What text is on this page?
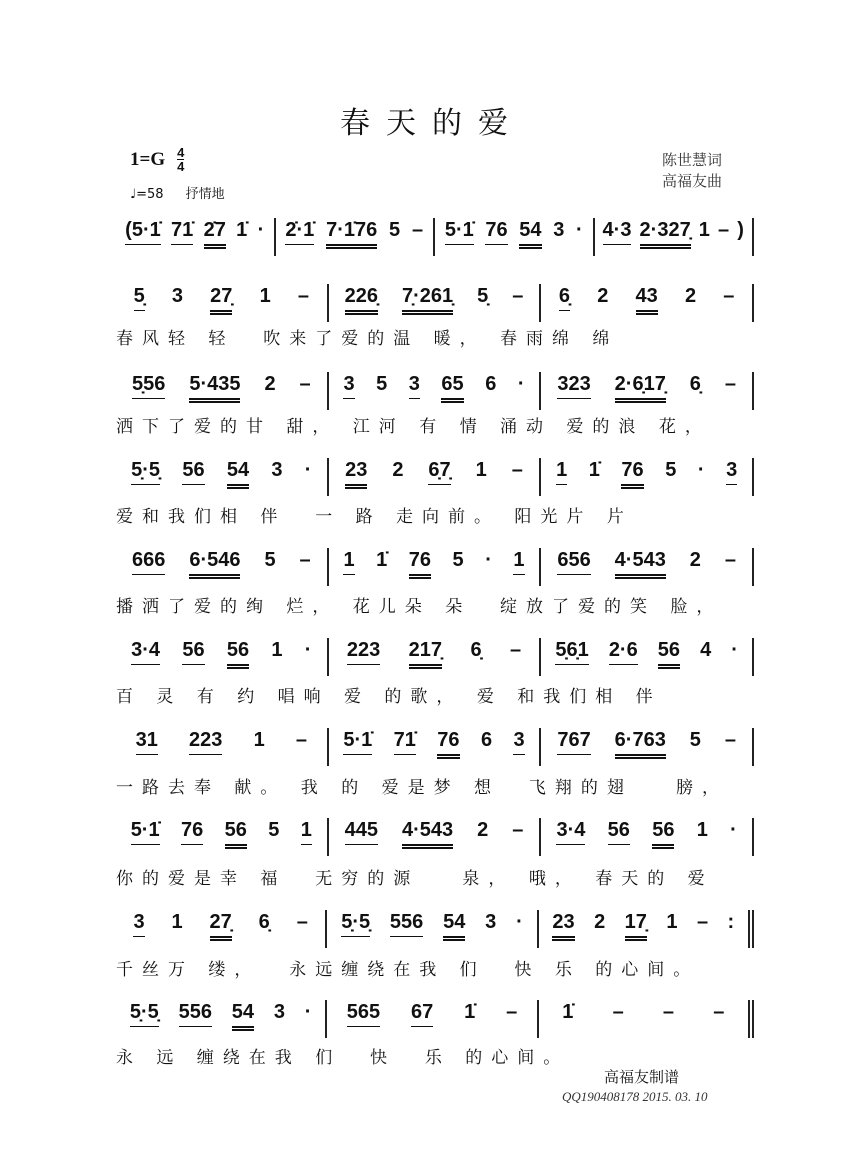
春天的爱
$1=G \frac{4}{4}$
♩=58 抒情地
陈世慧词
高福友曲
(5·1̇ 71̇ 2̇7 1̇ · 2̇·1̇ 7·1̇76 5 – 5·1̇ 76 54 3 · 4·3 2·327̣ 1 – )
5̣ 3 27̣ 1 – 226̣ 7̣·261̣ 5̣ – 6̣ 2 43 2 –
春风轻 轻  吹来了爱的温 暖， 春雨绵 绵
5̣56 5·435 2 – 3 5 3 65 6 · 323 2·6̣17̣ 6̣ –
洒下了爱的甘 甜， 江河 有 情 涌动 爱的浪 花，
5̣·5̣ 56 54 3 · 23 2 6̣7̣ 1 – 1 1̇ 76 5 · 3
爱和我们相 伴  一 路 走向前。 阳光片 片
666 6·546 5 – 1 1̇ 76 5 · 1 656 4·543 2 –
播洒了爱的绚 烂， 花儿朵 朵  绽放了爱的笑 脸，
3·4 56 56 1 · 223 217̣ 6̣ – 5̣6̣1 2·6 56 4 ·
百 灵 有 约 唱响 爱 的歌， 爱 和我们相 伴
31 223 1 – 5·1̇ 71̇ 76 6 3 767 6·763 5 –
一路去奉 献。 我 的 爱是梦 想  飞翔的翅   膀，
5·1̇ 76 56 5 1 445 4·543 2 – 3·4 56 56 1 ·
你的爱是幸 福  无穷的源   泉， 哦， 春天的 爱
3 1 27̣ 6̣ – 5̣·5̣ 556 54 3 · 23 2 17̣ 1 – :
千丝万 缕，  永远缠绕在我 们  快 乐 的心间。
5̣·5̣ 556 54 3 · 565 67 1̇ – 1̇ – – –
永 远 缠绕在我 们  快  乐 的心间。
高福友制谱
QQ190408178 2015. 03. 10
